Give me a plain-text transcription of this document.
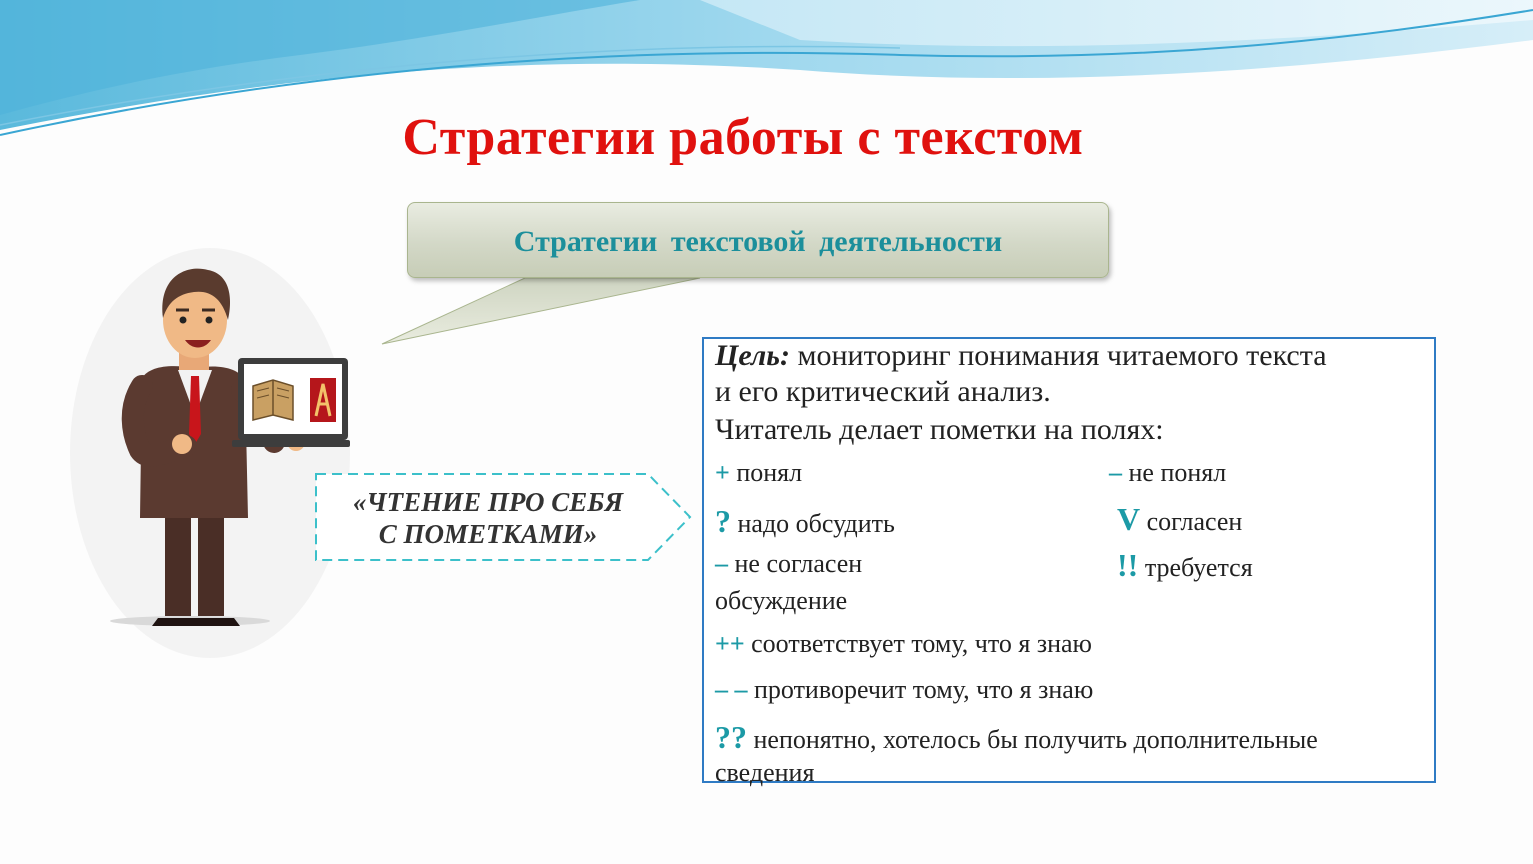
Стратегии работы с текстом
Стратегии текстовой деятельности
«ЧТЕНИЕ ПРО СЕБЯ
С ПОМЕТКАМИ»
Цель: мониторинг понимания читаемого текста
и его критический анализ.
Читатель делает пометки на полях:
+ понял	– не понял
? надо обсудить	V согласен
– не согласен	!! требуется
обсуждение
++ соответствует тому, что я знаю
– – противоречит тому, что я знаю
?? непонятно, хотелось бы получить дополнительные
сведения
